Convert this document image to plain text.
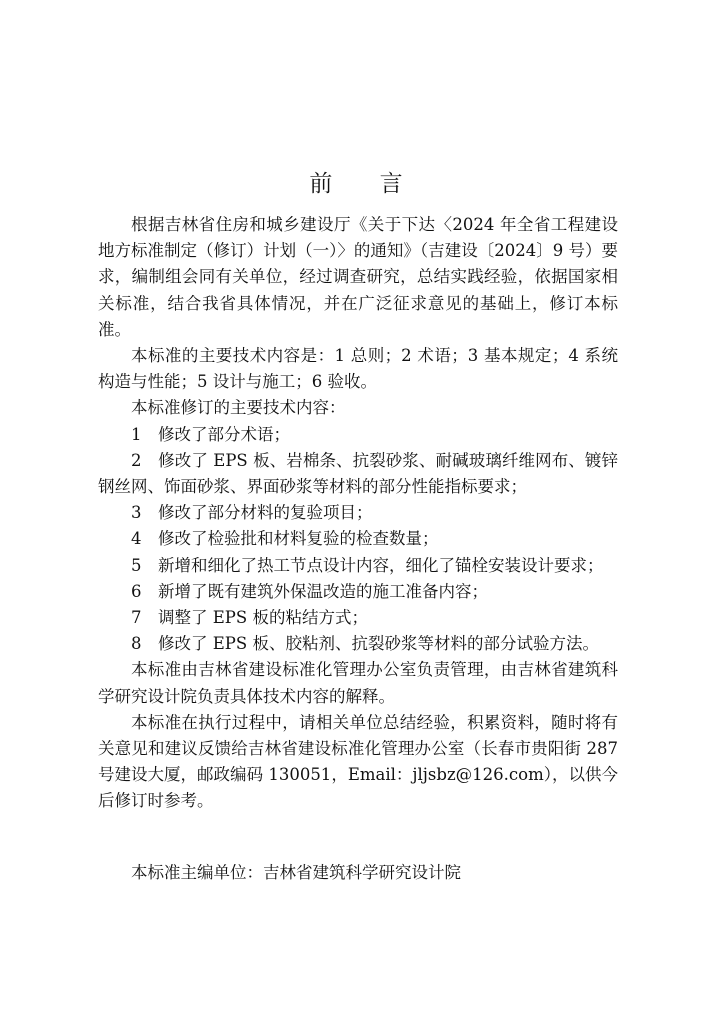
前 言

根据吉林省住房和城乡建设厅《关于下达〈2024 年全省工程建设地方标准制定（修订）计划（一）〉的通知》（吉建设〔2024〕9 号）要求，编制组会同有关单位，经过调查研究，总结实践经验，依据国家相关标准，结合我省具体情况，并在广泛征求意见的基础上，修订本标准。

本标准的主要技术内容是：1 总则；2 术语；3 基本规定；4 系统构造与性能；5 设计与施工；6 验收。

本标准修订的主要技术内容：

1　修改了部分术语；

2　修改了 EPS 板、岩棉条、抗裂砂浆、耐碱玻璃纤维网布、镀锌钢丝网、饰面砂浆、界面砂浆等材料的部分性能指标要求；

3　修改了部分材料的复验项目；

4　修改了检验批和材料复验的检查数量；

5　新增和细化了热工节点设计内容，细化了锚栓安装设计要求；

6　新增了既有建筑外保温改造的施工准备内容；

7　调整了 EPS 板的粘结方式；

8　修改了 EPS 板、胶粘剂、抗裂砂浆等材料的部分试验方法。

本标准由吉林省建设标准化管理办公室负责管理，由吉林省建筑科学研究设计院负责具体技术内容的解释。

本标准在执行过程中，请相关单位总结经验，积累资料，随时将有关意见和建议反馈给吉林省建设标准化管理办公室（长春市贵阳街 287 号建设大厦，邮政编码 130051，Email：jljsbz@126.com），以供今后修订时参考。

本标准主编单位：吉林省建筑科学研究设计院
